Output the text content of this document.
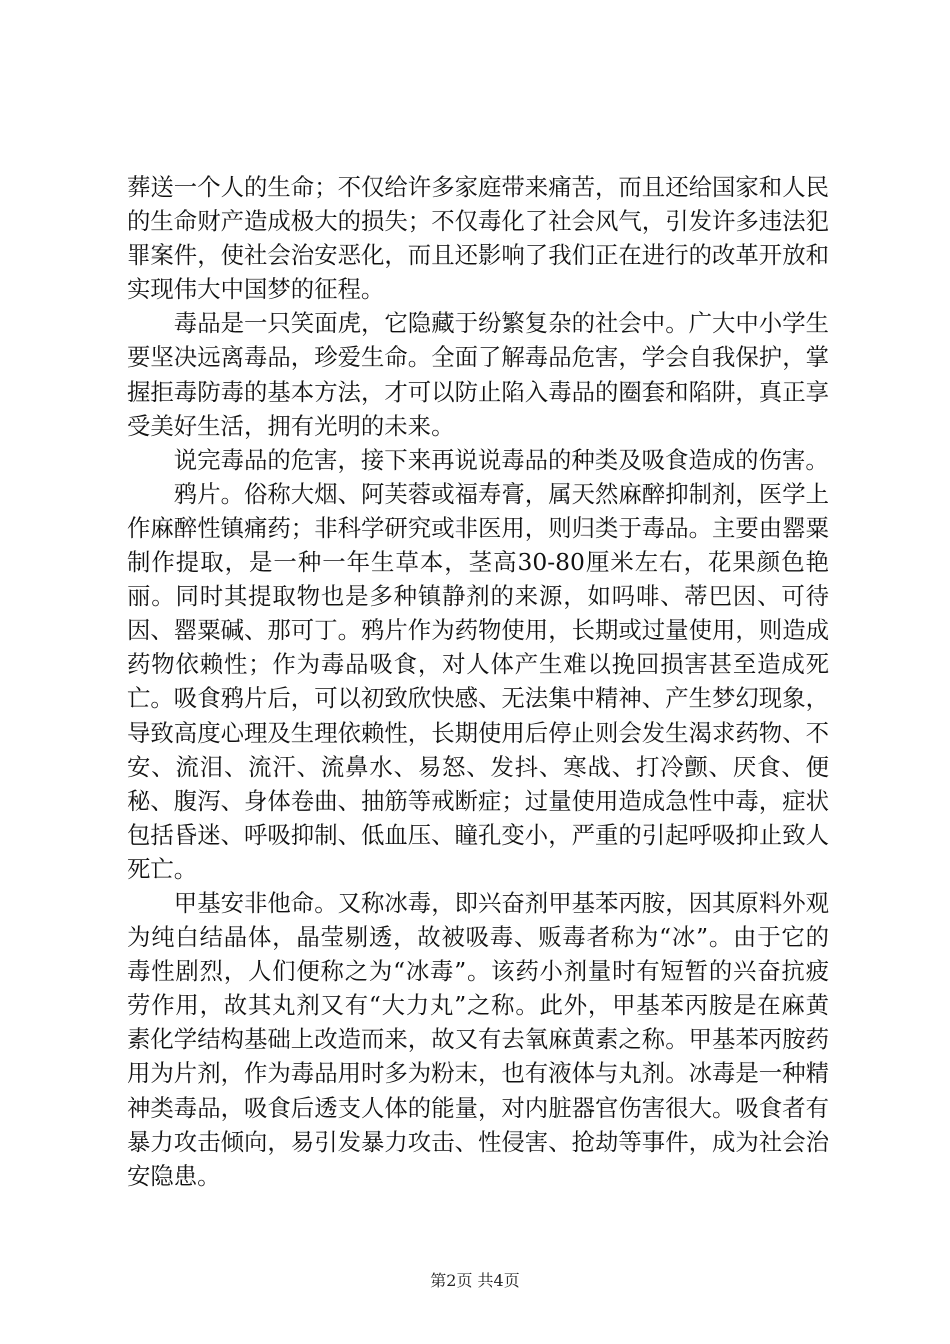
葬送一个人的生命；不仅给许多家庭带来痛苦，而且还给国家和人民的生命财产造成极大的损失；不仅毒化了社会风气，引发许多违法犯罪案件，使社会治安恶化，而且还影响了我们正在进行的改革开放和实现伟大中国梦的征程。

毒品是一只笑面虎，它隐藏于纷繁复杂的社会中。广大中小学生要坚决远离毒品，珍爱生命。全面了解毒品危害，学会自我保护，掌握拒毒防毒的基本方法，才可以防止陷入毒品的圈套和陷阱，真正享受美好生活，拥有光明的未来。

说完毒品的危害，接下来再说说毒品的种类及吸食造成的伤害。

鸦片。俗称大烟、阿芙蓉或福寿膏，属天然麻醉抑制剂，医学上作麻醉性镇痛药；非科学研究或非医用，则归类于毒品。主要由罂粟制作提取，是一种一年生草本，茎高30-80厘米左右，花果颜色艳丽。同时其提取物也是多种镇静剂的来源，如吗啡、蒂巴因、可待因、罂粟碱、那可丁。鸦片作为药物使用，长期或过量使用，则造成药物依赖性；作为毒品吸食，对人体产生难以挽回损害甚至造成死亡。吸食鸦片后，可以初致欣快感、无法集中精神、产生梦幻现象，导致高度心理及生理依赖性，长期使用后停止则会发生渴求药物、不安、流泪、流汗、流鼻水、易怒、发抖、寒战、打冷颤、厌食、便秘、腹泻、身体卷曲、抽筋等戒断症；过量使用造成急性中毒，症状包括昏迷、呼吸抑制、低血压、瞳孔变小，严重的引起呼吸抑止致人死亡。

甲基安非他命。又称冰毒，即兴奋剂甲基苯丙胺，因其原料外观为纯白结晶体，晶莹剔透，故被吸毒、贩毒者称为“冰”。由于它的毒性剧烈，人们便称之为“冰毒”。该药小剂量时有短暂的兴奋抗疲劳作用，故其丸剂又有“大力丸”之称。此外，甲基苯丙胺是在麻黄素化学结构基础上改造而来，故又有去氧麻黄素之称。甲基苯丙胺药用为片剂，作为毒品用时多为粉末，也有液体与丸剂。冰毒是一种精神类毒品，吸食后透支人体的能量，对内脏器官伤害很大。吸食者有暴力攻击倾向，易引发暴力攻击、性侵害、抢劫等事件，成为社会治安隐患。

第2页 共4页
